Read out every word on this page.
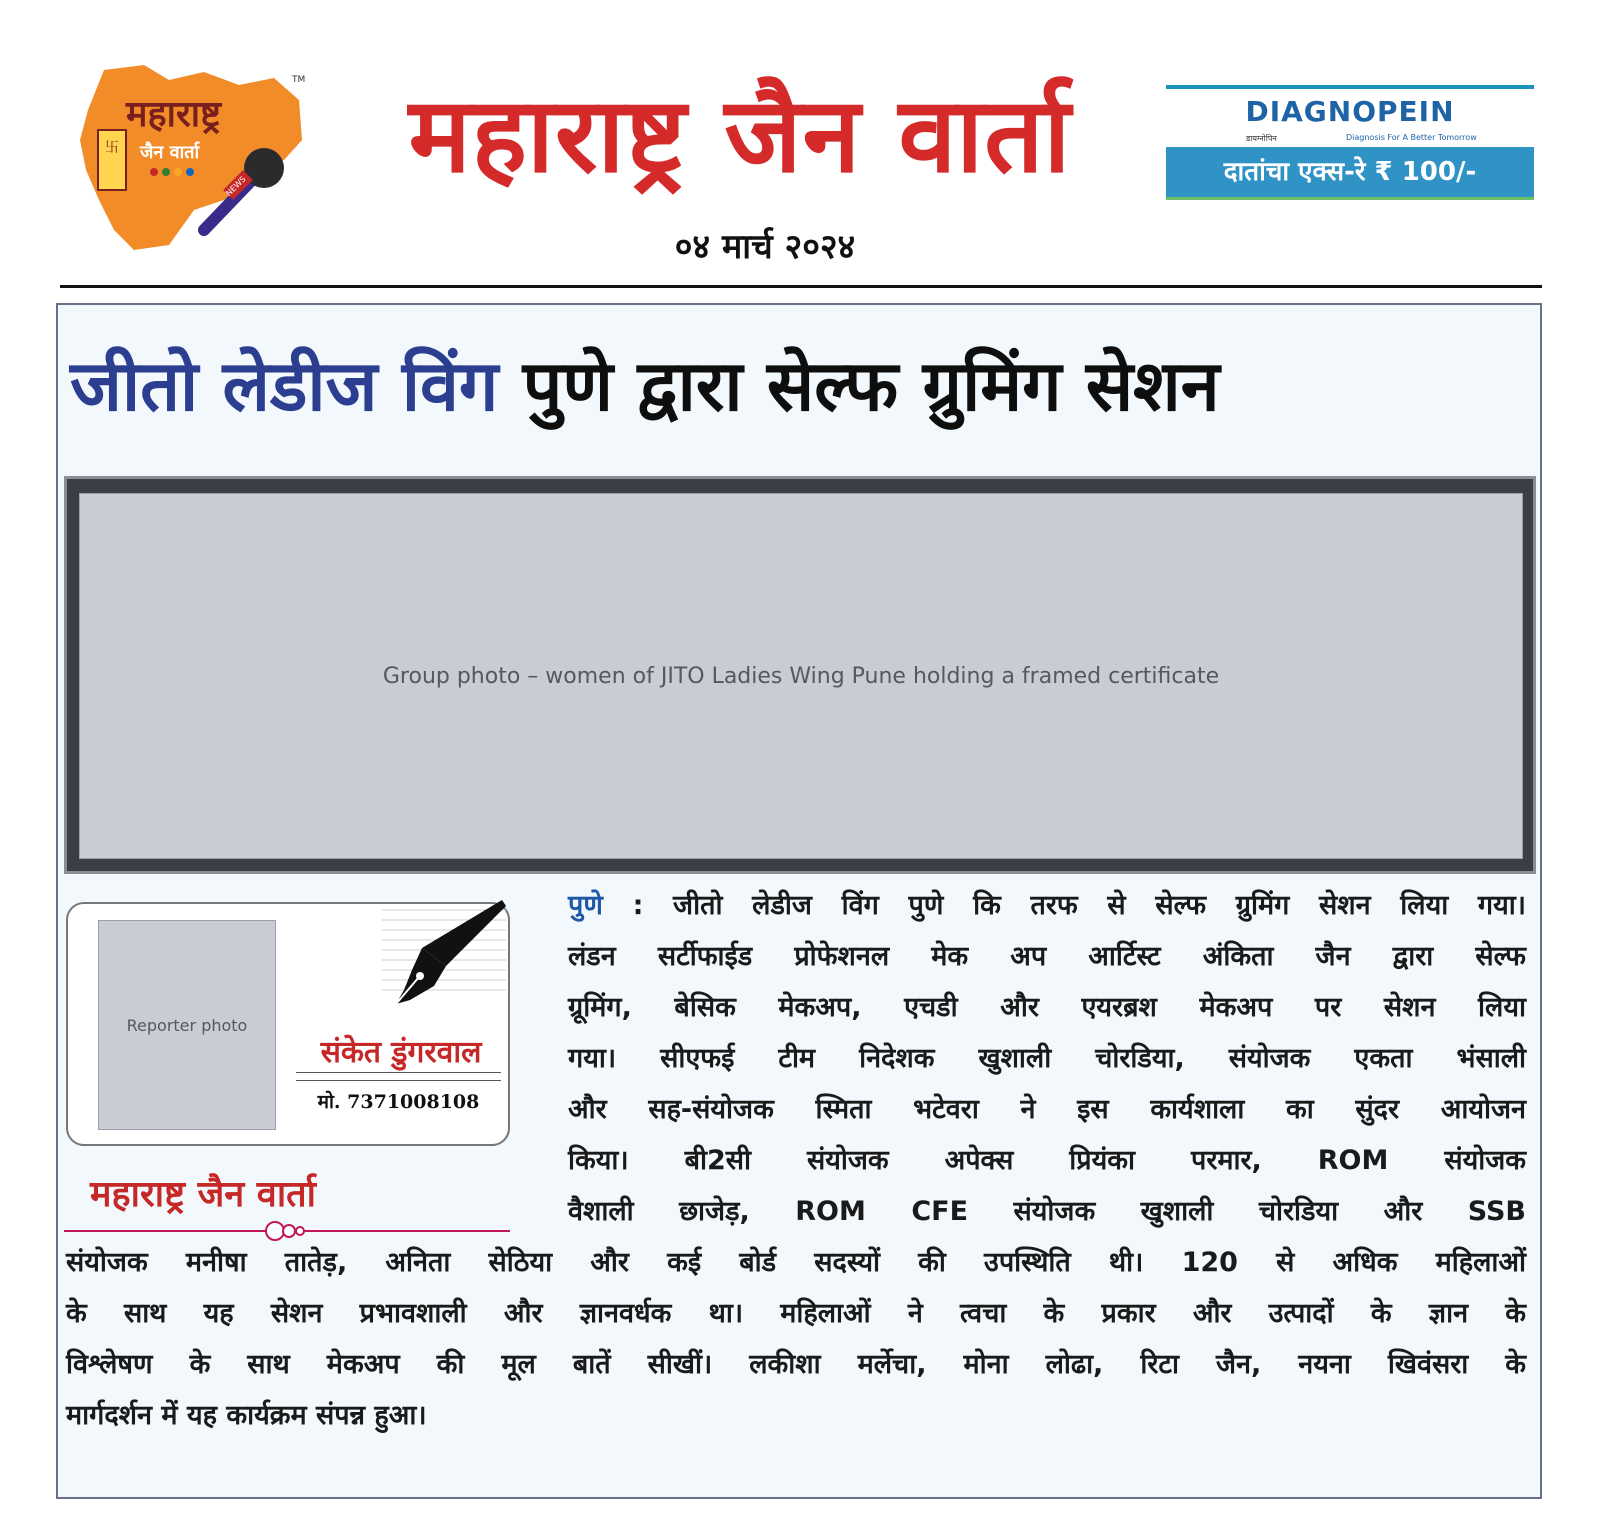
महाराष्ट्र
जैन वार्ता
卐
NEWS
TM महाराष्ट्र जैन वार्ता
०४ मार्च २०२४
DIAGNOPEIN
डायग्नोपिन	Diagnosis For A Better Tomorrow
दातांचा एक्स-रे ₹ 100/-
जीतो लेडीज विंग पुणे द्वारा सेल्फ ग्रुमिंग सेशन
Group photo – women of JITO Ladies Wing Pune holding a framed certificate
Reporter photo
संकेत डुंगरवाल
मो. 7371008108
महाराष्ट्र जैन वार्ता
पुणे : जीतो लेडीज विंग पुणे कि तरफ से सेल्फ ग्रुमिंग सेशन लिया गया।
लंडन सर्टीफाईड प्रोफेशनल मेक अप आर्टिस्ट अंकिता जैन द्वारा सेल्फ
ग्रूमिंग, बेसिक मेकअप, एचडी और एयरब्रश मेकअप पर सेशन लिया
गया। सीएफई टीम निदेशक खुशाली चोरडिया, संयोजक एकता भंसाली
और सह-संयोजक स्मिता भटेवरा ने इस कार्यशाला का सुंदर आयोजन
किया। बी2सी संयोजक अपेक्स प्रियंका परमार, ROM संयोजक
वैशाली छाजेड़, ROM CFE संयोजक खुशाली चोरडिया और SSB
संयोजक मनीषा तातेड़, अनिता सेठिया और कई बोर्ड सदस्यों की उपस्थिति थी। 120 से अधिक महिलाओं
के साथ यह सेशन प्रभावशाली और ज्ञानवर्धक था। महिलाओं ने त्वचा के प्रकार और उत्पादों के ज्ञान के
विश्लेषण के साथ मेकअप की मूल बातें सीखीं। लकीशा मर्लेचा, मोना लोढा, रिटा जैन, नयना खिवंसरा के
मार्गदर्शन में यह कार्यक्रम संपन्न हुआ।
